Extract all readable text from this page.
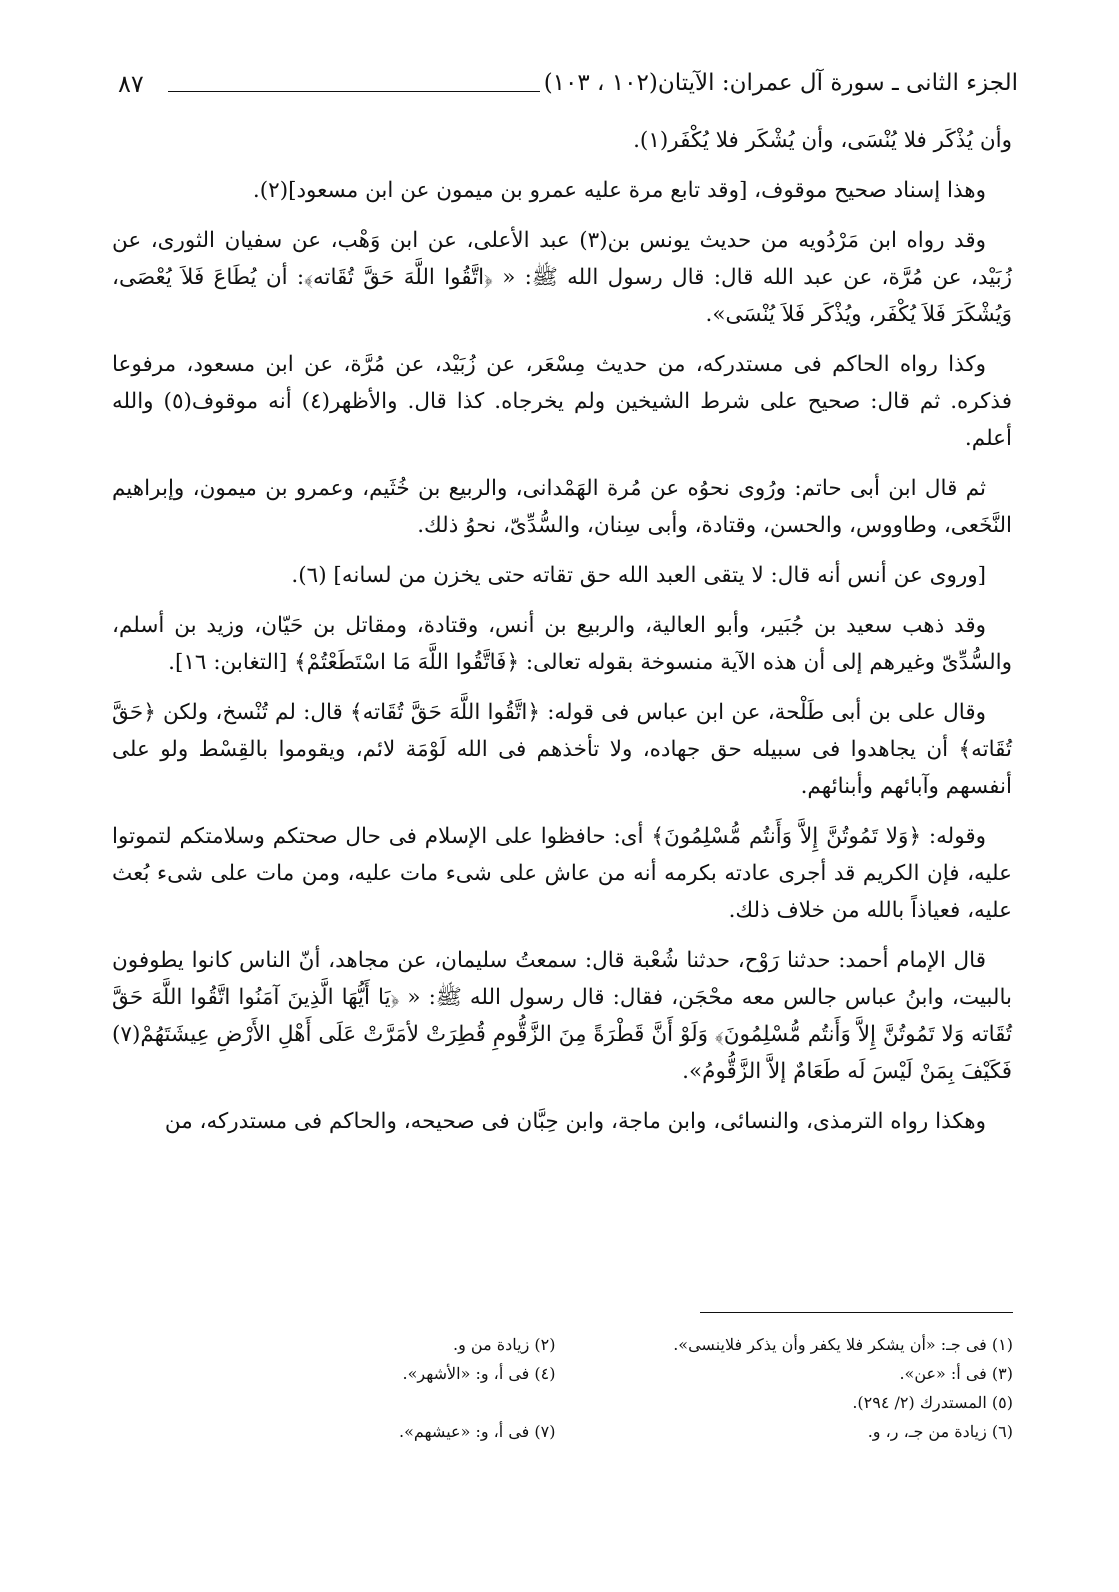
الجزء الثانى ـ سورة آل عمران: الآيتان(١٠٢ ، ١٠٣)
٨٧

وأن يُذْكَر فلا يُنْسَى، وأن يُشْكَر فلا يُكْفَر(١).

وهذا إسناد صحيح موقوف، [وقد تابع مرة عليه عمرو بن ميمون عن ابن مسعود](٢).

وقد رواه ابن مَرْدُويه من حديث يونس بن(٣) عبد الأعلى، عن ابن وَهْب، عن سفيان الثورى، عن زُبَيْد، عن مُرَّة، عن عبد الله قال: قال رسول الله ﷺ: « ﴿اتَّقُوا اللَّهَ حَقَّ تُقَاته﴾: أن يُطَاعَ فَلاَ يُعْصَى، وَيُشْكَرَ فَلاَ يُكْفَر، ويُذْكَر فَلاَ يُنْسَى».

وكذا رواه الحاكم فى مستدركه، من حديث مِسْعَر، عن زُبَيْد، عن مُرَّة، عن ابن مسعود، مرفوعا فذكره. ثم قال: صحيح على شرط الشيخين ولم يخرجاه. كذا قال. والأظهر(٤) أنه موقوف(٥) والله أعلم.

ثم قال ابن أبى حاتم: ورُوى نحوُه عن مُرة الهَمْدانى، والربيع بن خُثَيم، وعمرو بن ميمون، وإبراهيم النَّخَعى، وطاووس، والحسن، وقتادة، وأبى سِنان، والسُّدِّىّ، نحوُ ذلك.

[وروى عن أنس أنه قال: لا يتقى العبد الله حق تقاته حتى يخزن من لسانه] (٦).

وقد ذهب سعيد بن جُبَير، وأبو العالية، والربيع بن أنس، وقتادة، ومقاتل بن حَيّان، وزيد بن أسلم، والسُّدِّىّ وغيرهم إلى أن هذه الآية منسوخة بقوله تعالى: ﴿فَاتَّقُوا اللَّهَ مَا اسْتَطَعْتُمْ﴾ [التغابن: ١٦].

وقال على بن أبى طَلْحة، عن ابن عباس فى قوله: ﴿اتَّقُوا اللَّهَ حَقَّ تُقَاته﴾ قال: لم تُنْسخ، ولكن ﴿حَقَّ تُقَاته﴾ أن يجاهدوا فى سبيله حق جهاده، ولا تأخذهم فى الله لَوْمَة لائم، ويقوموا بالقِسْط ولو على أنفسهم وآبائهم وأبنائهم.

وقوله: ﴿وَلا تَمُوتُنَّ إِلاَّ وَأَنتُم مُّسْلِمُونَ﴾ أى: حافظوا على الإسلام فى حال صحتكم وسلامتكم لتموتوا عليه، فإن الكريم قد أجرى عادته بكرمه أنه من عاش على شىء مات عليه، ومن مات على شىء بُعث عليه، فعياذاً بالله من خلاف ذلك.

قال الإمام أحمد: حدثنا رَوْح، حدثنا شُعْبة قال: سمعتُ سليمان، عن مجاهد، أنّ الناس كانوا يطوفون بالبيت، وابنُ عباس جالس معه محْجَن، فقال: قال رسول الله ﷺ: « ﴿يَا أَيُّهَا الَّذِينَ آمَنُوا اتَّقُوا اللَّهَ حَقَّ تُقَاته وَلا تَمُوتُنَّ إِلاَّ وَأَنتُم مُّسْلِمُونَ﴾ وَلَوْ أَنَّ قَطْرَةً مِنَ الزَّقُّومِ قُطِرَتْ لأمَرَّتْ عَلَى أَهْلِ الأَرْضِ عِيشَتَهُمْ(٧) فَكَيْفَ بِمَنْ لَيْسَ لَه طَعَامٌ إلاَّ الزَّقُّومُ».

وهكذا رواه الترمذى، والنسائى، وابن ماجة، وابن حِبَّان فى صحيحه، والحاكم فى مستدركه، من

(١) فى جـ: «أن يشكر فلا يكفر وأن يذكر فلاينسى».
(٢) زيادة من و.
(٣) فى أ: «عن».
(٤) فى أ، و: «الأشهر».
(٥) المستدرك (٢/ ٢٩٤).
(٦) زيادة من جـ، ر، و.
(٧) فى أ، و: «عيشهم».
